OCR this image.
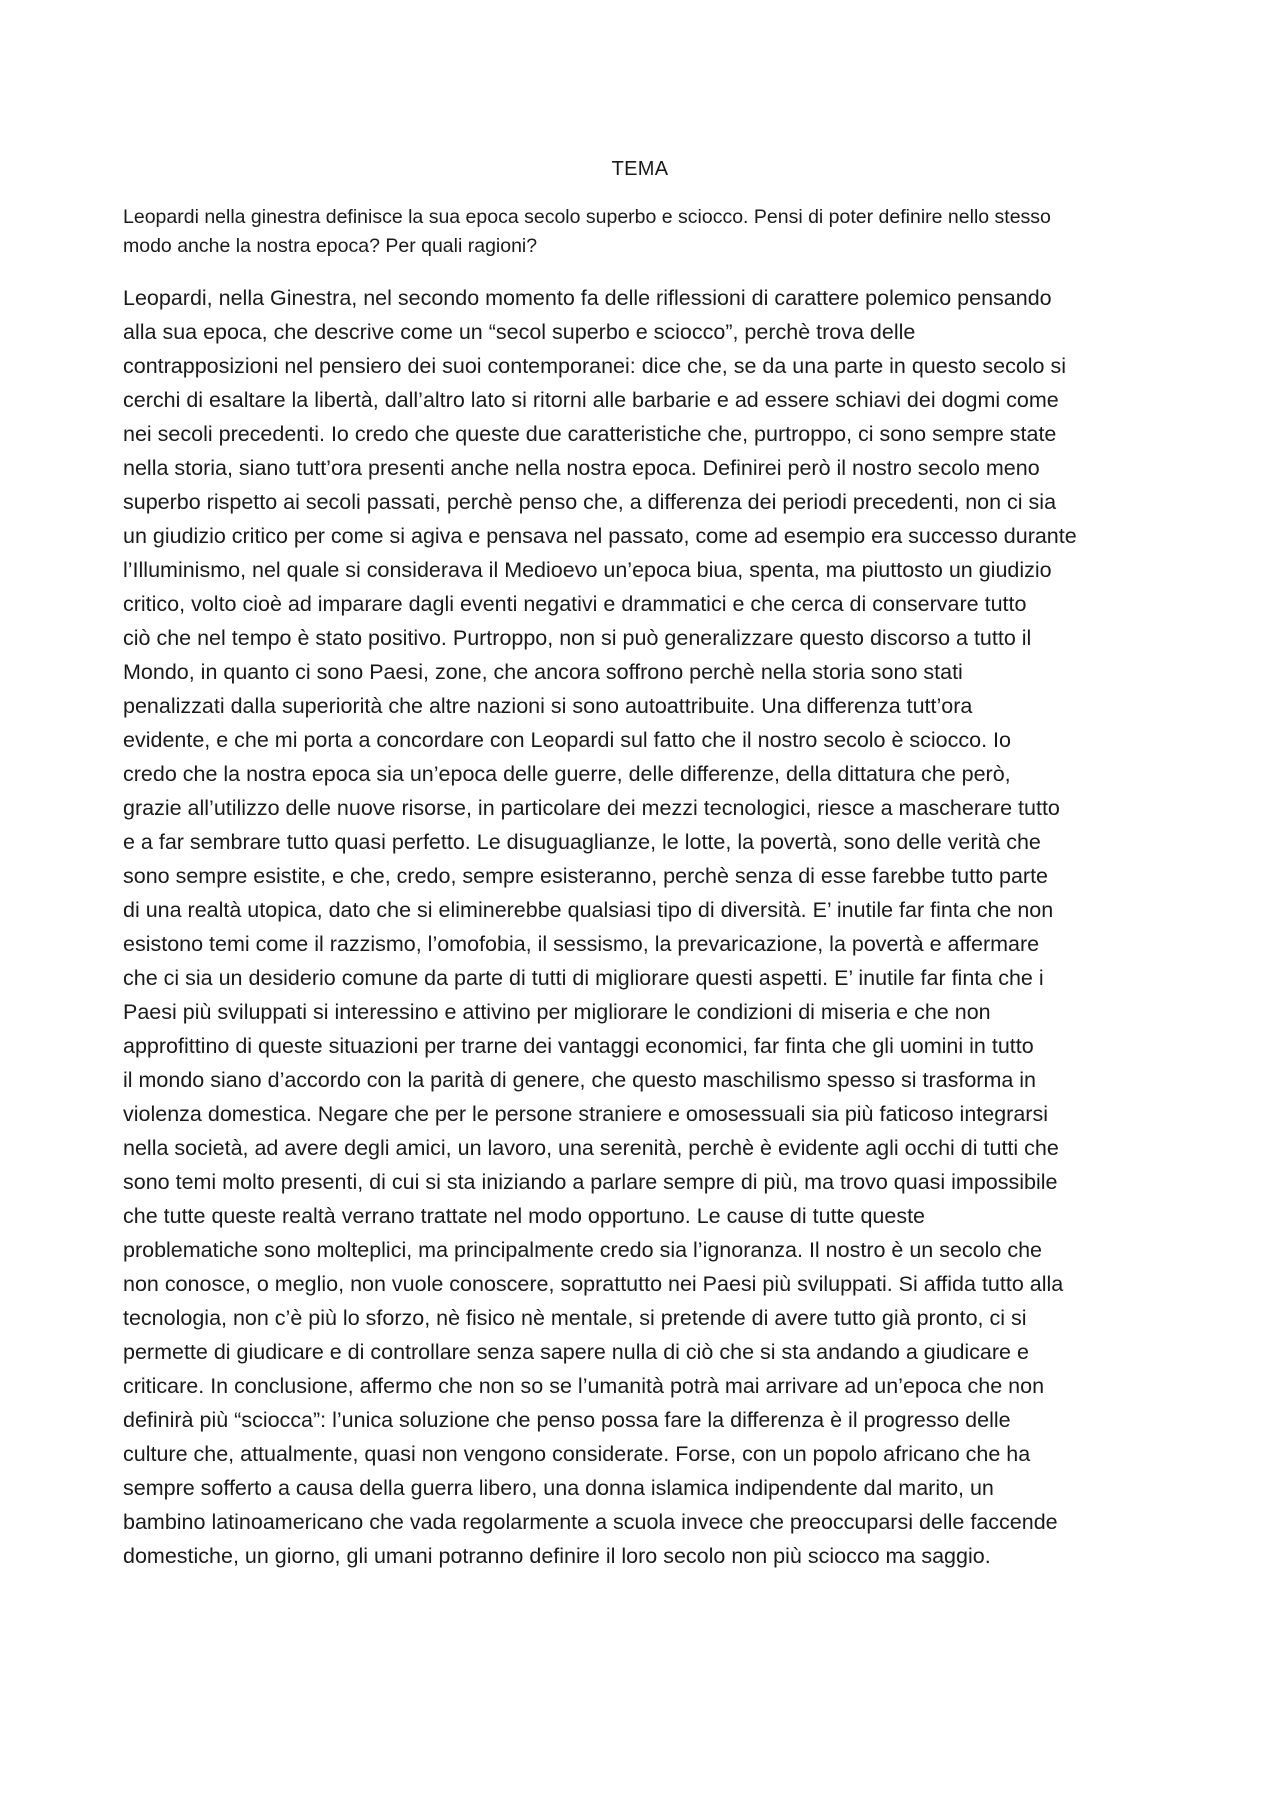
TEMA
Leopardi nella ginestra definisce la sua epoca secolo superbo e sciocco. Pensi di poter definire nello stesso
modo anche la nostra epoca? Per quali ragioni?
Leopardi, nella Ginestra, nel secondo momento fa delle riflessioni di carattere polemico pensando
alla sua epoca, che descrive come un “secol superbo e sciocco”, perchè trova delle
contrapposizioni nel pensiero dei suoi contemporanei: dice che, se da una parte in questo secolo si
cerchi di esaltare la libertà, dall’altro lato si ritorni alle barbarie e ad essere schiavi dei dogmi come
nei secoli precedenti. Io credo che queste due caratteristiche che, purtroppo, ci sono sempre state
nella storia, siano tutt’ora presenti anche nella nostra epoca. Definirei però il nostro secolo meno
superbo rispetto ai secoli passati, perchè penso che, a differenza dei periodi precedenti, non ci sia
un giudizio critico per come si agiva e pensava nel passato, come ad esempio era successo durante
l’Illuminismo, nel quale si considerava il Medioevo un’epoca biua, spenta, ma piuttosto un giudizio
critico, volto cioè ad imparare dagli eventi negativi e drammatici e che cerca di conservare tutto
ciò che nel tempo è stato positivo. Purtroppo, non si può generalizzare questo discorso a tutto il
Mondo, in quanto ci sono Paesi, zone, che ancora soffrono perchè nella storia sono stati
penalizzati dalla superiorità che altre nazioni si sono autoattribuite. Una differenza tutt’ora
evidente, e che mi porta a concordare con Leopardi sul fatto che il nostro secolo è sciocco. Io
credo che la nostra epoca sia un’epoca delle guerre, delle differenze, della dittatura che però,
grazie all’utilizzo delle nuove risorse, in particolare dei mezzi tecnologici, riesce a mascherare tutto
e a far sembrare tutto quasi perfetto. Le disuguaglianze, le lotte, la povertà, sono delle verità che
sono sempre esistite, e che, credo, sempre esisteranno, perchè senza di esse farebbe tutto parte
di una realtà utopica, dato che si eliminerebbe qualsiasi tipo di diversità. E’ inutile far finta che non
esistono temi come il razzismo, l’omofobia, il sessismo, la prevaricazione, la povertà e affermare
che ci sia un desiderio comune da parte di tutti di migliorare questi aspetti. E’ inutile far finta che i
Paesi più sviluppati si interessino e attivino per migliorare le condizioni di miseria e che non
approfittino di queste situazioni per trarne dei vantaggi economici, far finta che gli uomini in tutto
il mondo siano d’accordo con la parità di genere, che questo maschilismo spesso si trasforma in
violenza domestica. Negare che per le persone straniere e omosessuali sia più faticoso integrarsi
nella società, ad avere degli amici, un lavoro, una serenità, perchè è evidente agli occhi di tutti che
sono temi molto presenti, di cui si sta iniziando a parlare sempre di più, ma trovo quasi impossibile
che tutte queste realtà verrano trattate nel modo opportuno. Le cause di tutte queste
problematiche sono molteplici, ma principalmente credo sia l’ignoranza. Il nostro è un secolo che
non conosce, o meglio, non vuole conoscere, soprattutto nei Paesi più sviluppati. Si affida tutto alla
tecnologia, non c’è più lo sforzo, nè fisico nè mentale, si pretende di avere tutto già pronto, ci si
permette di giudicare e di controllare senza sapere nulla di ciò che si sta andando a giudicare e
criticare. In conclusione, affermo che non so se l’umanità potrà mai arrivare ad un’epoca che non
definirà più “sciocca”: l’unica soluzione che penso possa fare la differenza è il progresso delle
culture che, attualmente, quasi non vengono considerate. Forse, con un popolo africano che ha
sempre sofferto a causa della guerra libero, una donna islamica indipendente dal marito, un
bambino latinoamericano che vada regolarmente a scuola invece che preoccuparsi delle faccende
domestiche, un giorno, gli umani potranno definire il loro secolo non più sciocco ma saggio.
